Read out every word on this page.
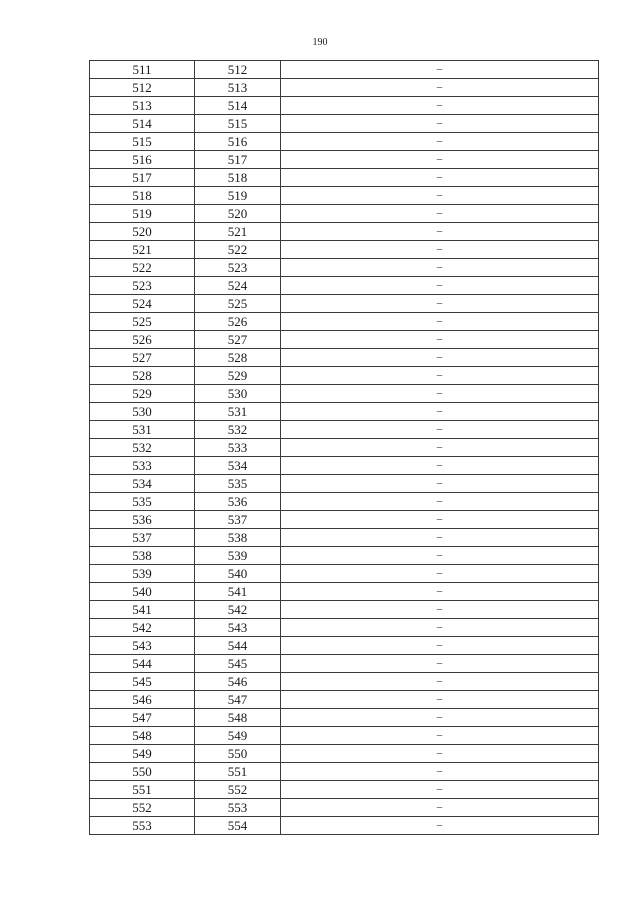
190
511	512	–
512	513	–
513	514	–
514	515	–
515	516	–
516	517	–
517	518	–
518	519	–
519	520	–
520	521	–
521	522	–
522	523	–
523	524	–
524	525	–
525	526	–
526	527	–
527	528	–
528	529	–
529	530	–
530	531	–
531	532	–
532	533	–
533	534	–
534	535	–
535	536	–
536	537	–
537	538	–
538	539	–
539	540	–
540	541	–
541	542	–
542	543	–
543	544	–
544	545	–
545	546	–
546	547	–
547	548	–
548	549	–
549	550	–
550	551	–
551	552	–
552	553	–
553	554	–
